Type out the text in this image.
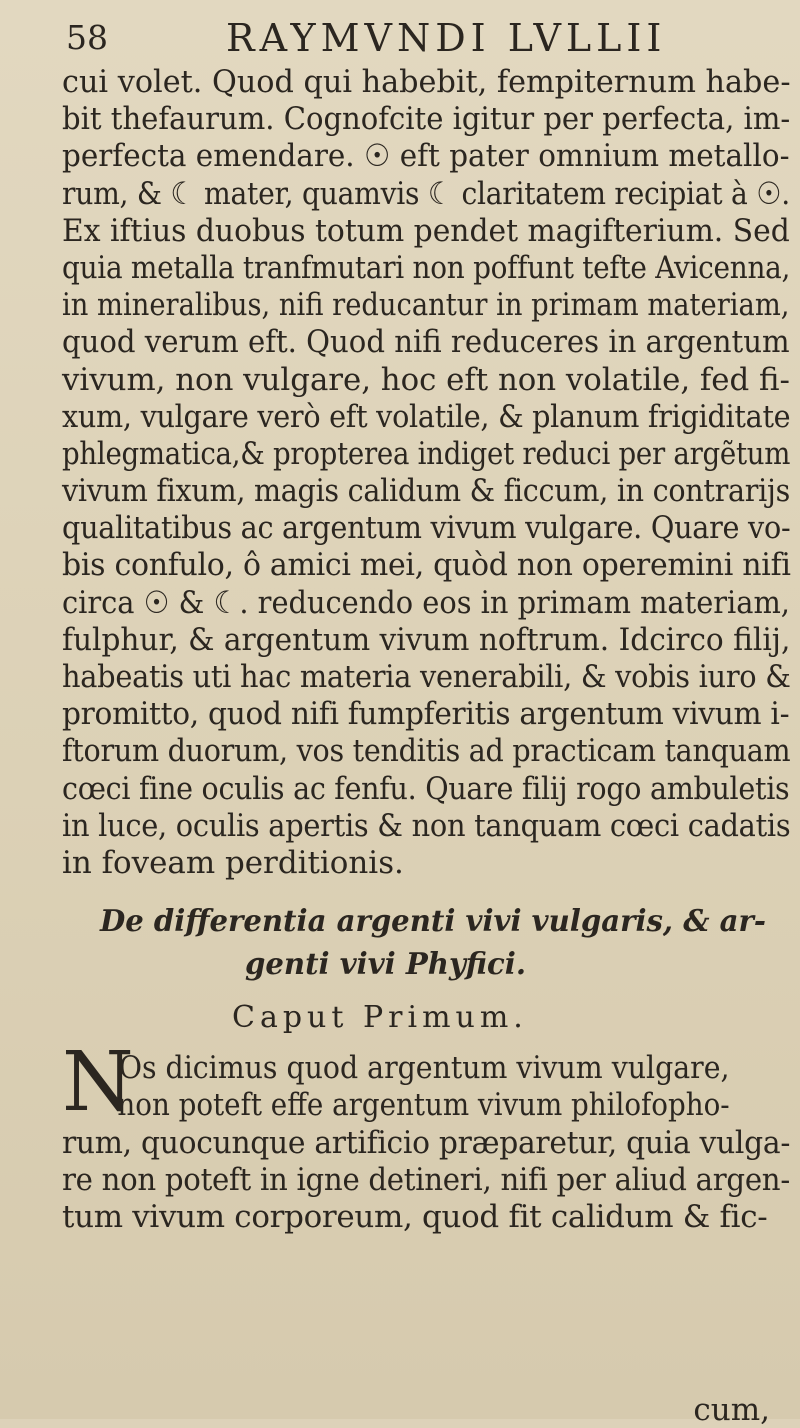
58	RAYMVNDI LVLLII
cui volet. Quod qui habebit, fempiternum habe-
bit thefaurum. Cognofcite igitur per perfecta, im-
perfecta emendare. ☉ eft pater omnium metallo-
rum, & ☾ mater, quamvis ☾ claritatem recipiat à ☉.
Ex iftius duobus totum pendet magifterium. Sed
quia metalla tranfmutari non poffunt tefte Avicenna,
in mineralibus, nifi reducantur in primam materiam,
quod verum eft. Quod nifi reduceres in argentum
vivum, non vulgare, hoc eft non volatile, fed fi-
xum, vulgare verò eft volatile, & planum frigiditate
phlegmatica,& propterea indiget reduci per argẽtum
vivum fixum, magis calidum & ficcum, in contrarijs
qualitatibus ac argentum vivum vulgare. Quare vo-
bis confulo, ô amici mei, quòd non operemini nifi
circa ☉ & ☾. reducendo eos in primam materiam,
fulphur, & argentum vivum noftrum. Idcirco filij,
habeatis uti hac materia venerabili, & vobis iuro &
promitto, quod nifi fumpferitis argentum vivum i-
ftorum duorum, vos tenditis ad practicam tanquam
cœci fine oculis ac fenfu. Quare filij rogo ambuletis
in luce, oculis apertis & non tanquam cœci cadatis
in foveam perditionis.
De differentia argenti vivi vulgaris, & ar-
genti vivi Phyfici.
Caput Primum.
N
Os dicimus quod argentum vivum vulgare,
non poteft effe argentum vivum philofopho-
rum, quocunque artificio præparetur, quia vulga-
re non poteft in igne detineri, nifi per aliud argen-
tum vivum corporeum, quod fit calidum & fic-
cum,
